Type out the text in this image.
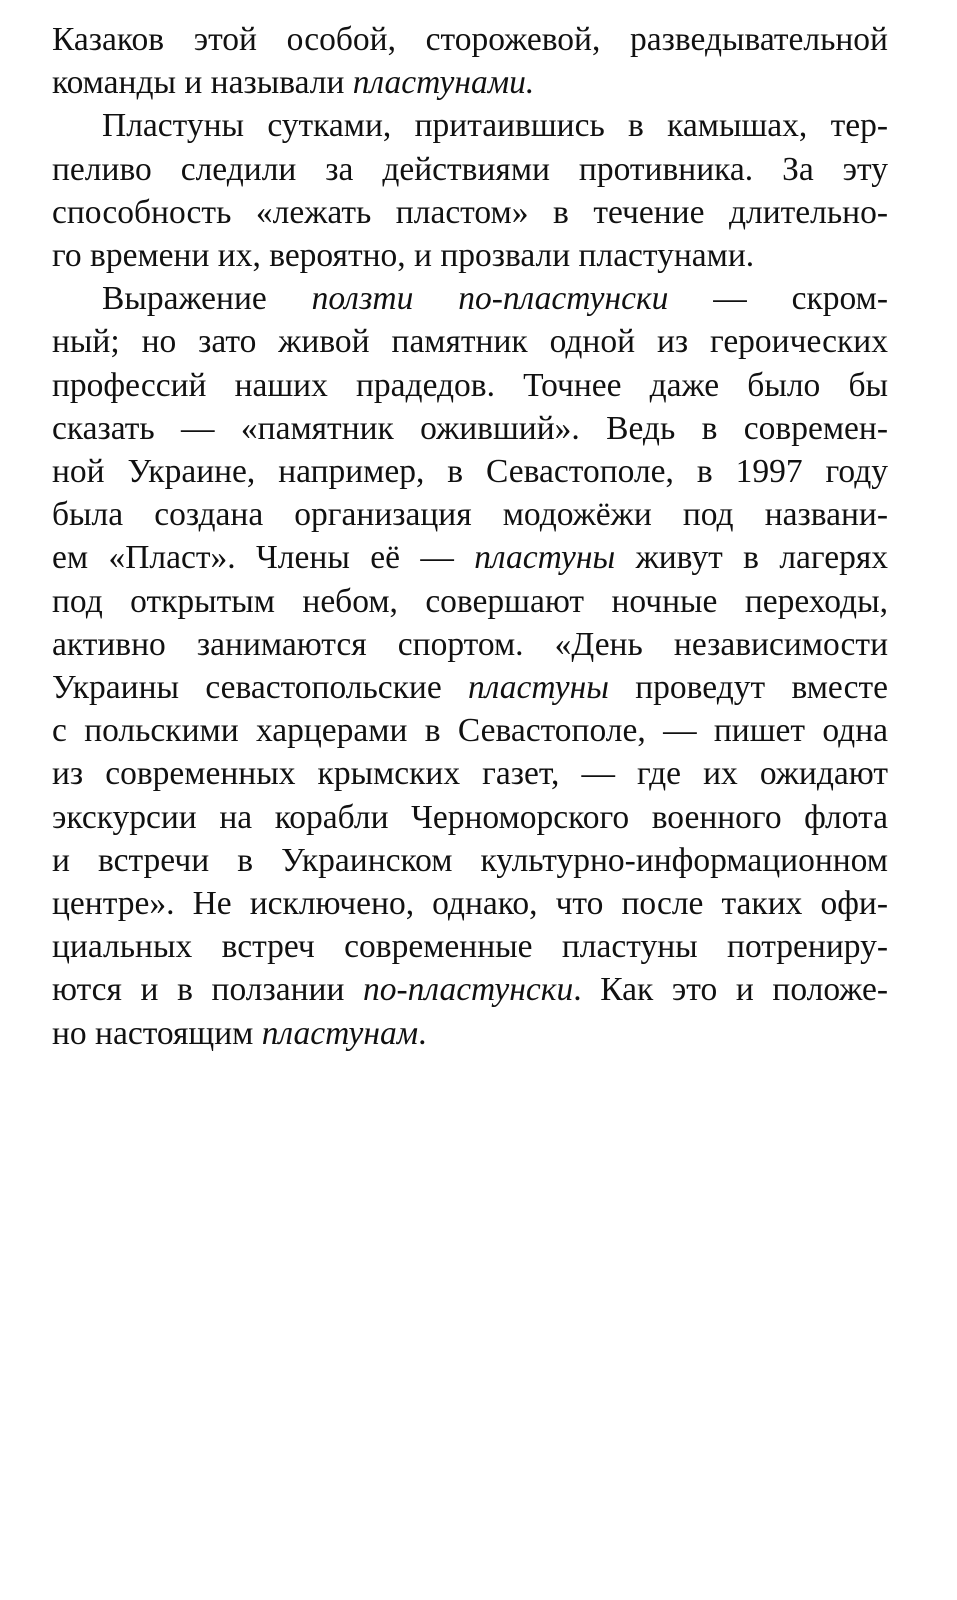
Казаков этой особой, сторожевой, разведывательной
команды и называли пластунами.
Пластуны сутками, притаившись в камышах, тер-
пеливо следили за действиями противника. За эту
способность «лежать пластом» в течение длительно-
го времени их, вероятно, и прозвали пластунами.
Выражение ползти по-пластунски — скром-
ный; но зато живой памятник одной из героических
профессий наших прадедов. Точнее даже было бы
сказать — «памятник оживший». Ведь в современ-
ной Украине, например, в Севастополе, в 1997 году
была создана организация модожёжи под названи-
ем «Пласт». Члены её — пластуны живут в лагерях
под открытым небом, совершают ночные переходы,
активно занимаются спортом. «День независимости
Украины севастопольские пластуны проведут вместе
с польскими харцерами в Севастополе, — пишет одна
из современных крымских газет, — где их ожидают
экскурсии на корабли Черноморского военного флота
и встречи в Украинском культурно-информационном
центре». Не исключено, однако, что после таких офи-
циальных встреч современные пластуны потрениру-
ются и в ползании по-пластунски. Как это и положе-
но настоящим пластунам.
